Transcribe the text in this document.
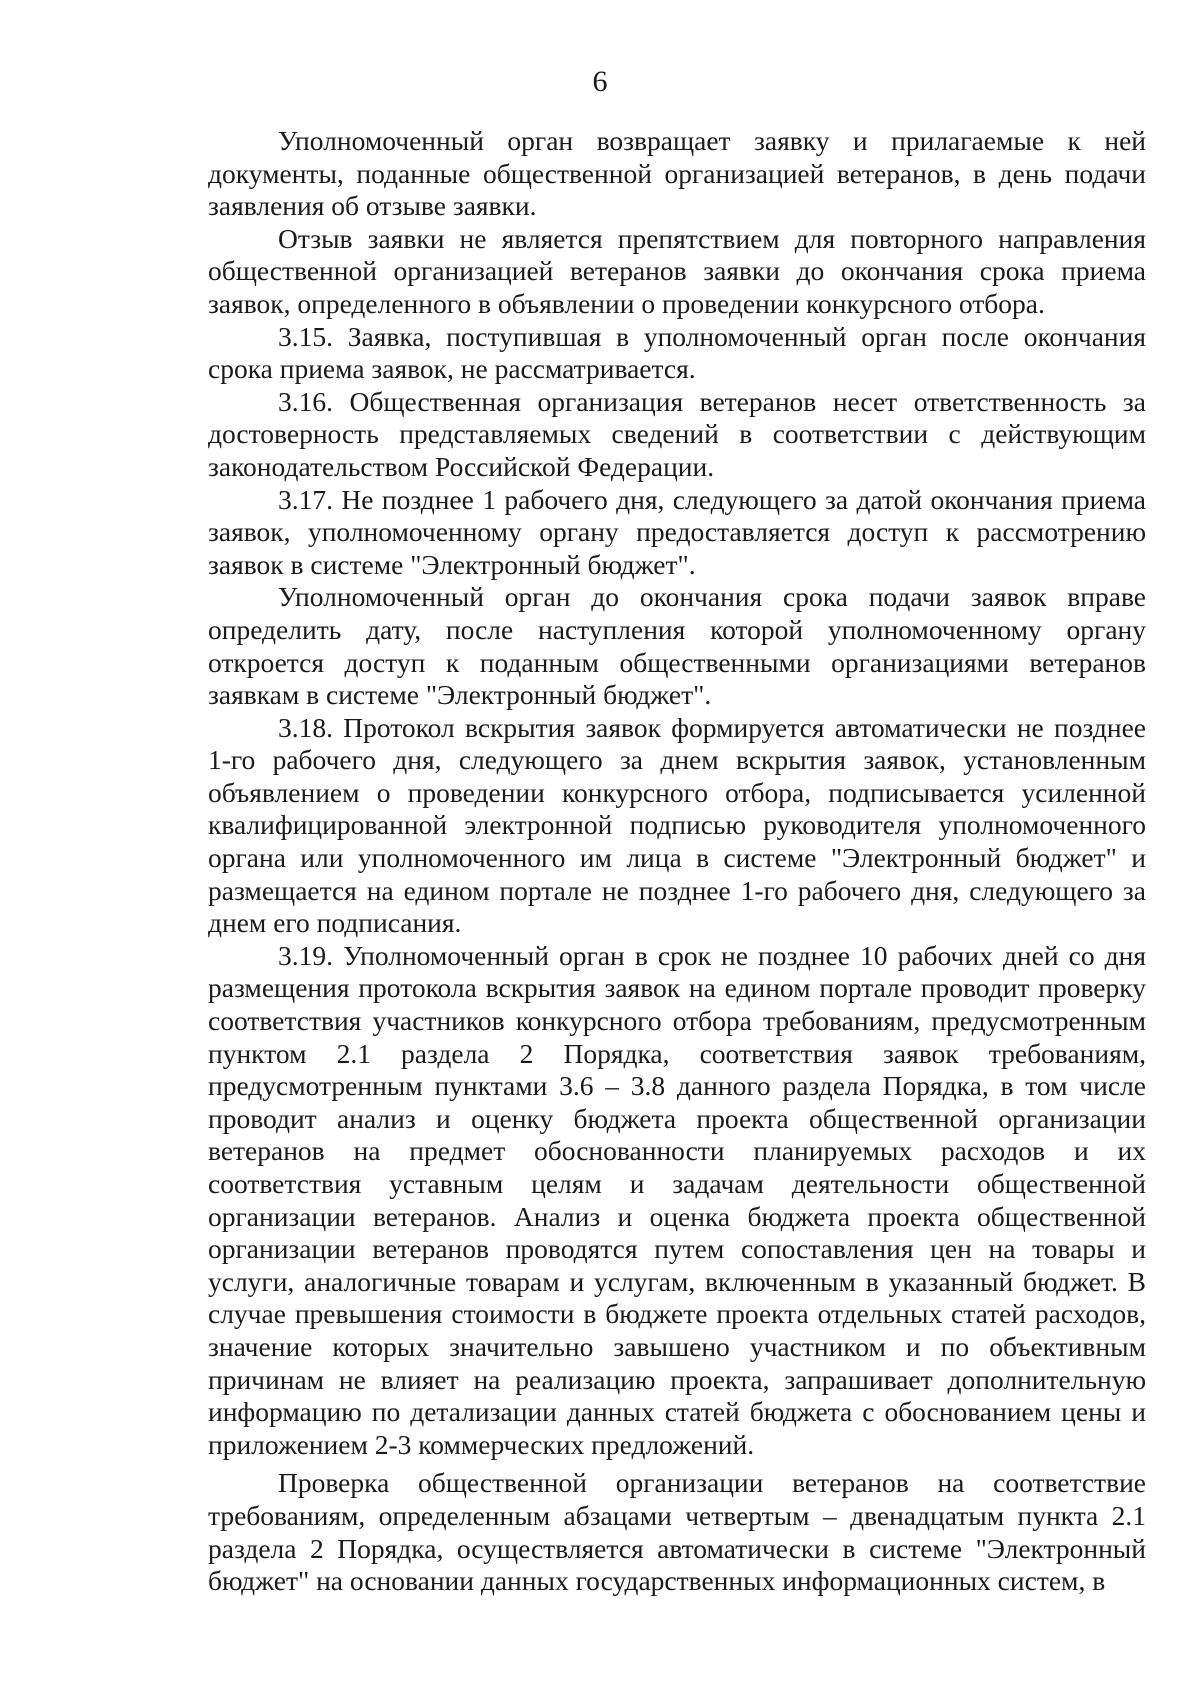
6

Уполномоченный орган возвращает заявку и прилагаемые к ней документы, поданные общественной организацией ветеранов, в день подачи заявления об отзыве заявки.

Отзыв заявки не является препятствием для повторного направления общественной организацией ветеранов заявки до окончания срока приема заявок, определенного в объявлении о проведении конкурсного отбора.

3.15. Заявка, поступившая в уполномоченный орган после окончания срока приема заявок, не рассматривается.

3.16. Общественная организация ветеранов несет ответственность за достоверность представляемых сведений в соответствии с действующим законодательством Российской Федерации.

3.17. Не позднее 1 рабочего дня, следующего за датой окончания приема заявок, уполномоченному органу предоставляется доступ к рассмотрению заявок в системе "Электронный бюджет".

Уполномоченный орган до окончания срока подачи заявок вправе определить дату, после наступления которой уполномоченному органу откроется доступ к поданным общественными организациями ветеранов заявкам в системе "Электронный бюджет".

3.18. Протокол вскрытия заявок формируется автоматически не позднее 1-го рабочего дня, следующего за днем вскрытия заявок, установленным объявлением о проведении конкурсного отбора, подписывается усиленной квалифицированной электронной подписью руководителя уполномоченного органа или уполномоченного им лица в системе "Электронный бюджет" и размещается на едином портале не позднее 1-го рабочего дня, следующего за днем его подписания.

3.19. Уполномоченный орган в срок не позднее 10 рабочих дней со дня размещения протокола вскрытия заявок на едином портале проводит проверку соответствия участников конкурсного отбора требованиям, предусмотренным пунктом 2.1 раздела 2 Порядка, соответствия заявок требованиям, предусмотренным пунктами 3.6 – 3.8 данного раздела Порядка, в том числе проводит анализ и оценку бюджета проекта общественной организации ветеранов на предмет обоснованности планируемых расходов и их соответствия уставным целям и задачам деятельности общественной организации ветеранов. Анализ и оценка бюджета проекта общественной организации ветеранов проводятся путем сопоставления цен на товары и услуги, аналогичные товарам и услугам, включенным в указанный бюджет. В случае превышения стоимости в бюджете проекта отдельных статей расходов, значение которых значительно завышено участником и по объективным причинам не влияет на реализацию проекта, запрашивает дополнительную информацию по детализации данных статей бюджета с обоснованием цены и приложением 2-3 коммерческих предложений.

Проверка общественной организации ветеранов на соответствие требованиям, определенным абзацами четвертым – двенадцатым пункта 2.1 раздела 2 Порядка, осуществляется автоматически в системе "Электронный бюджет" на основании данных государственных информационных систем, в
